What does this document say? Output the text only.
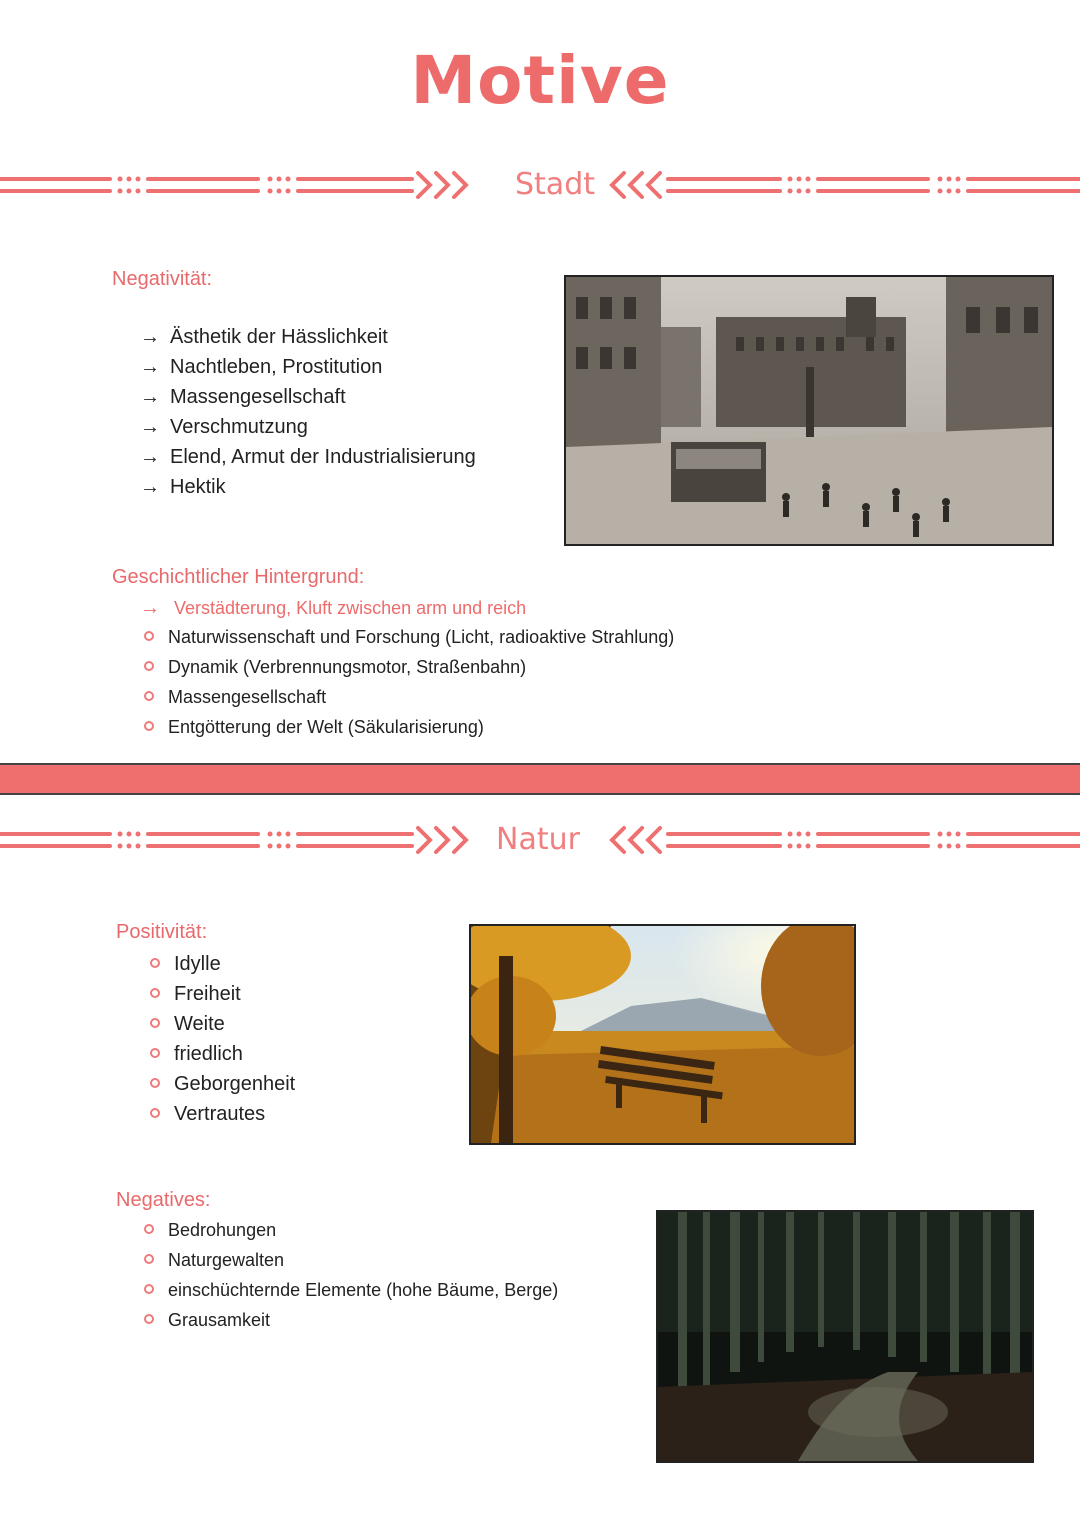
Motive
Stadt
Negativität:
→ Ästhetik der Hässlichkeit
→ Nachtleben, Prostitution
→ Massengesellschaft
→ Verschmutzung
→ Elend, Armut der Industrialisierung
→ Hektik
Geschichtlicher Hintergrund:
→ Verstädterung, Kluft zwischen arm und reich
Naturwissenschaft und Forschung (Licht, radioaktive Strahlung)
Dynamik (Verbrennungsmotor, Straßenbahn)
Massengesellschaft
Entgötterung der Welt (Säkularisierung)
Natur
Positivität:
Idylle
Freiheit
Weite
friedlich
Geborgenheit
Vertrautes
Negatives:
Bedrohungen
Naturgewalten
einschüchternde Elemente (hohe Bäume, Berge)
Grausamkeit
